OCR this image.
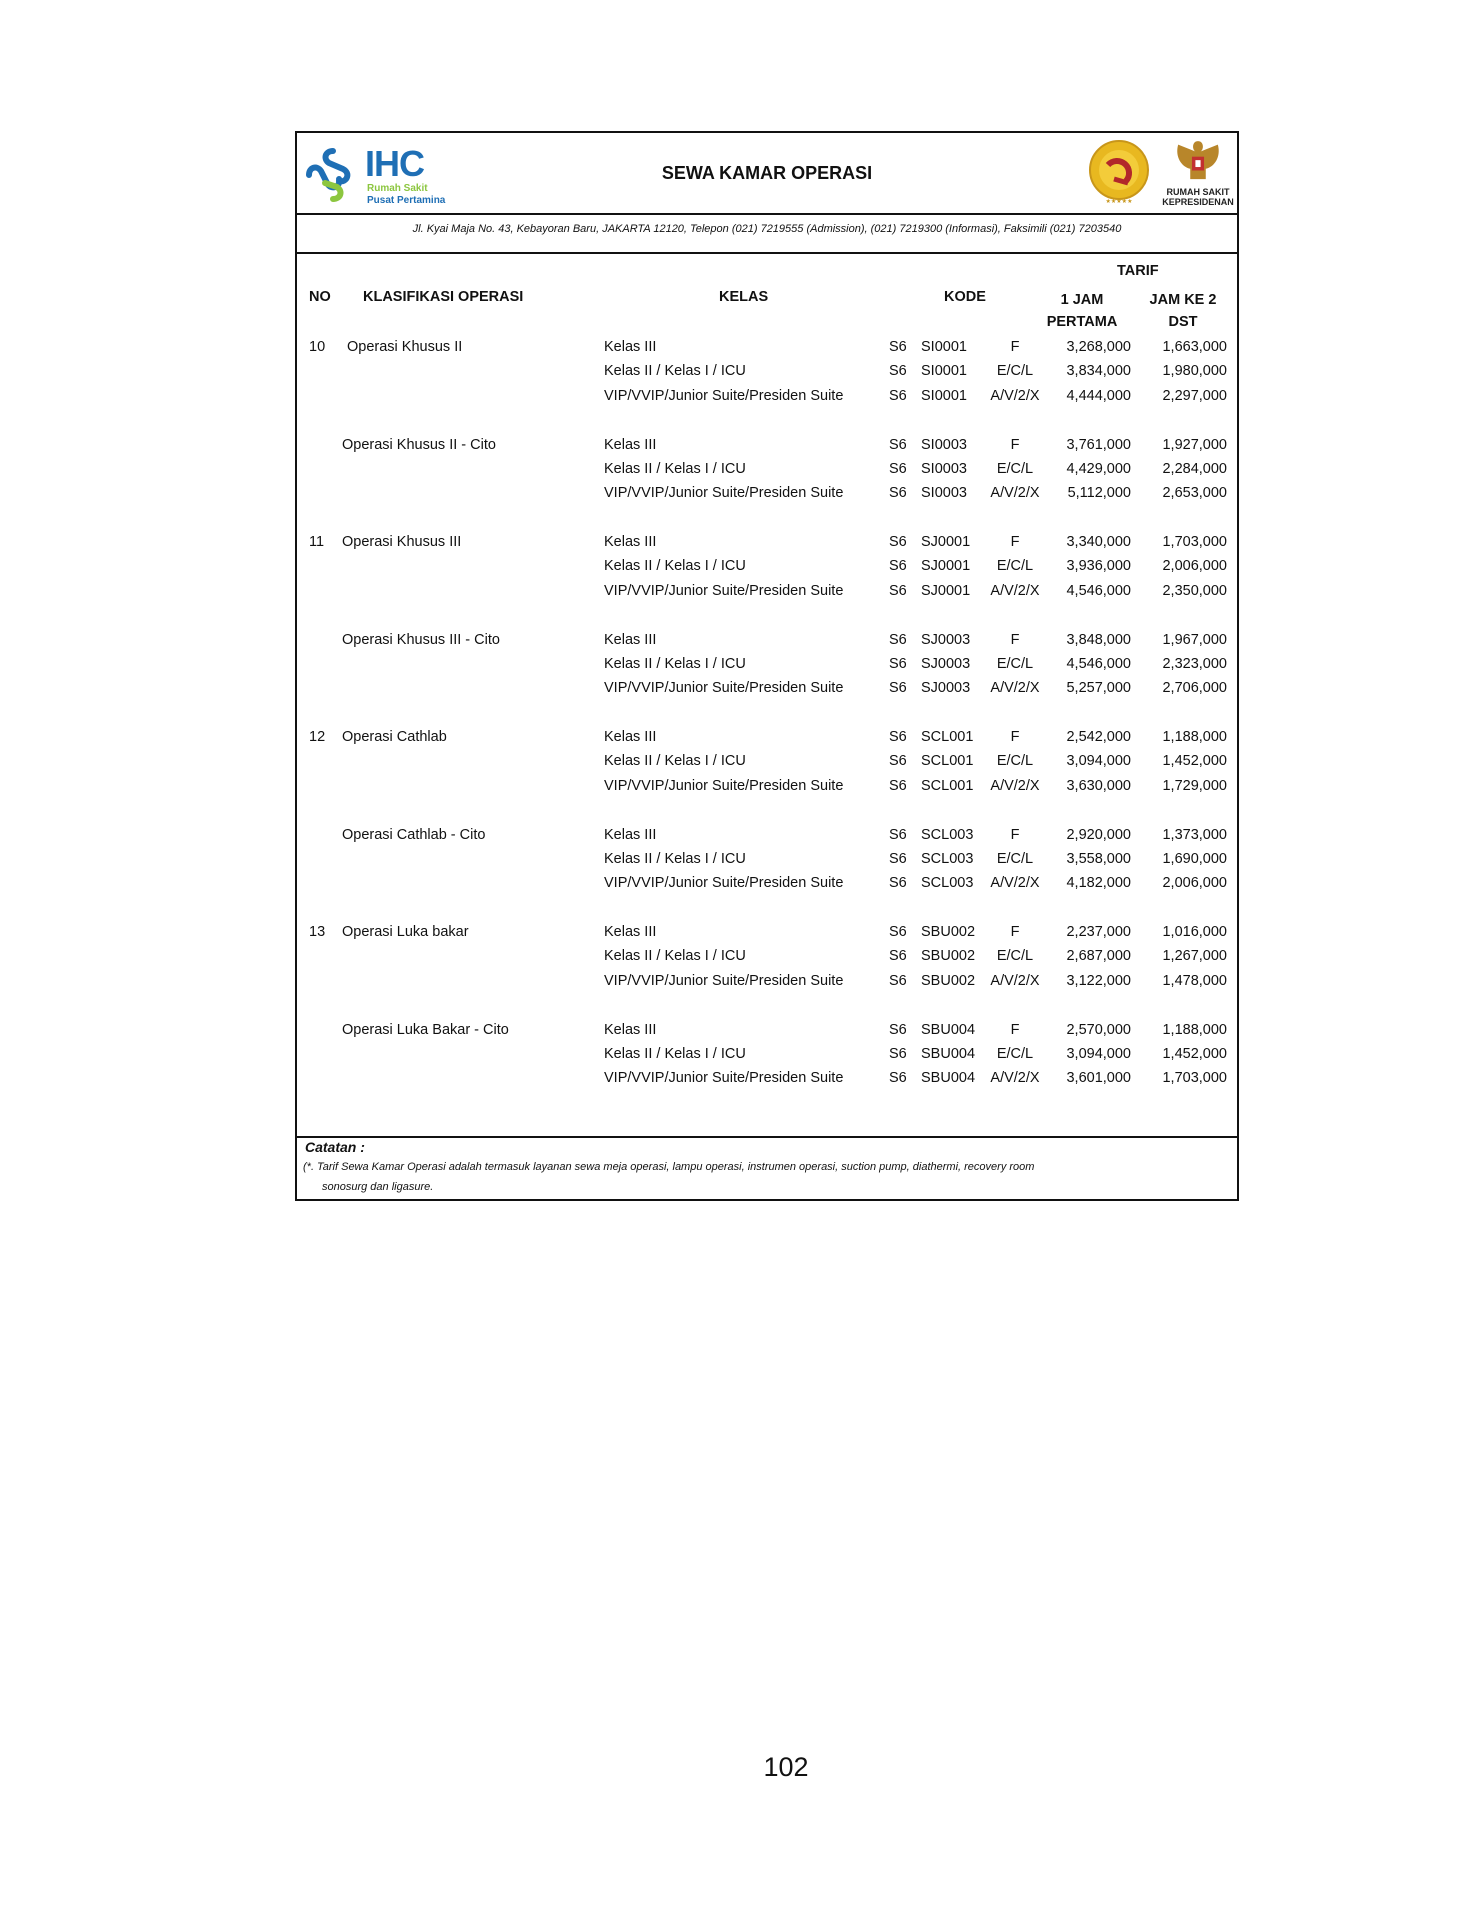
IHC
Rumah Sakit
Pusat Pertamina
SEWA KAMAR OPERASI
★★★★★
RUMAH SAKIT KEPRESIDENAN
Jl. Kyai Maja No. 43, Kebayoran Baru, JAKARTA 12120, Telepon (021) 7219555 (Admission), (021) 7219300 (Informasi), Faksimili (021) 7203540
NO KLASIFIKASI OPERASI	KELAS	KODE
TARIF
1 JAM
PERTAMA
JAM KE 2
DST
10 Operasi Khusus II	Kelas III	S6 SI0001	F	3,268,000	1,663,000
Kelas II / Kelas I / ICU	S6 SI0001	E/C/L	3,834,000	1,980,000
VIP/VVIP/Junior Suite/Presiden Suite	S6 SI0001	A/V/2/X	4,444,000	2,297,000
Operasi Khusus II - Cito	Kelas III	S6 SI0003	F	3,761,000	1,927,000
Kelas II / Kelas I / ICU	S6 SI0003	E/C/L	4,429,000	2,284,000
VIP/VVIP/Junior Suite/Presiden Suite	S6 SI0003	A/V/2/X	5,112,000	2,653,000
11 Operasi Khusus III	Kelas III	S6 SJ0001	F	3,340,000	1,703,000
Kelas II / Kelas I / ICU	S6 SJ0001	E/C/L	3,936,000	2,006,000
VIP/VVIP/Junior Suite/Presiden Suite	S6 SJ0001	A/V/2/X	4,546,000	2,350,000
Operasi Khusus III - Cito	Kelas III	S6 SJ0003	F	3,848,000	1,967,000
Kelas II / Kelas I / ICU	S6 SJ0003	E/C/L	4,546,000	2,323,000
VIP/VVIP/Junior Suite/Presiden Suite	S6 SJ0003	A/V/2/X	5,257,000	2,706,000
12 Operasi Cathlab	Kelas III	S6 SCL001	F	2,542,000	1,188,000
Kelas II / Kelas I / ICU	S6 SCL001	E/C/L	3,094,000	1,452,000
VIP/VVIP/Junior Suite/Presiden Suite	S6 SCL001	A/V/2/X	3,630,000	1,729,000
Operasi Cathlab - Cito	Kelas III	S6 SCL003	F	2,920,000	1,373,000
Kelas II / Kelas I / ICU	S6 SCL003	E/C/L	3,558,000	1,690,000
VIP/VVIP/Junior Suite/Presiden Suite	S6 SCL003	A/V/2/X	4,182,000	2,006,000
13 Operasi Luka bakar	Kelas III	S6 SBU002	F	2,237,000	1,016,000
Kelas II / Kelas I / ICU	S6 SBU002	E/C/L	2,687,000	1,267,000
VIP/VVIP/Junior Suite/Presiden Suite	S6 SBU002	A/V/2/X	3,122,000	1,478,000
Operasi Luka Bakar - Cito	Kelas III	S6 SBU004	F	2,570,000	1,188,000
Kelas II / Kelas I / ICU	S6 SBU004	E/C/L	3,094,000	1,452,000
VIP/VVIP/Junior Suite/Presiden Suite	S6 SBU004	A/V/2/X	3,601,000	1,703,000
Catatan :
(*. Tarif Sewa Kamar Operasi adalah termasuk layanan sewa meja operasi, lampu operasi, instrumen operasi, suction pump, diathermi, recovery room
sonosurg dan ligasure.
102
